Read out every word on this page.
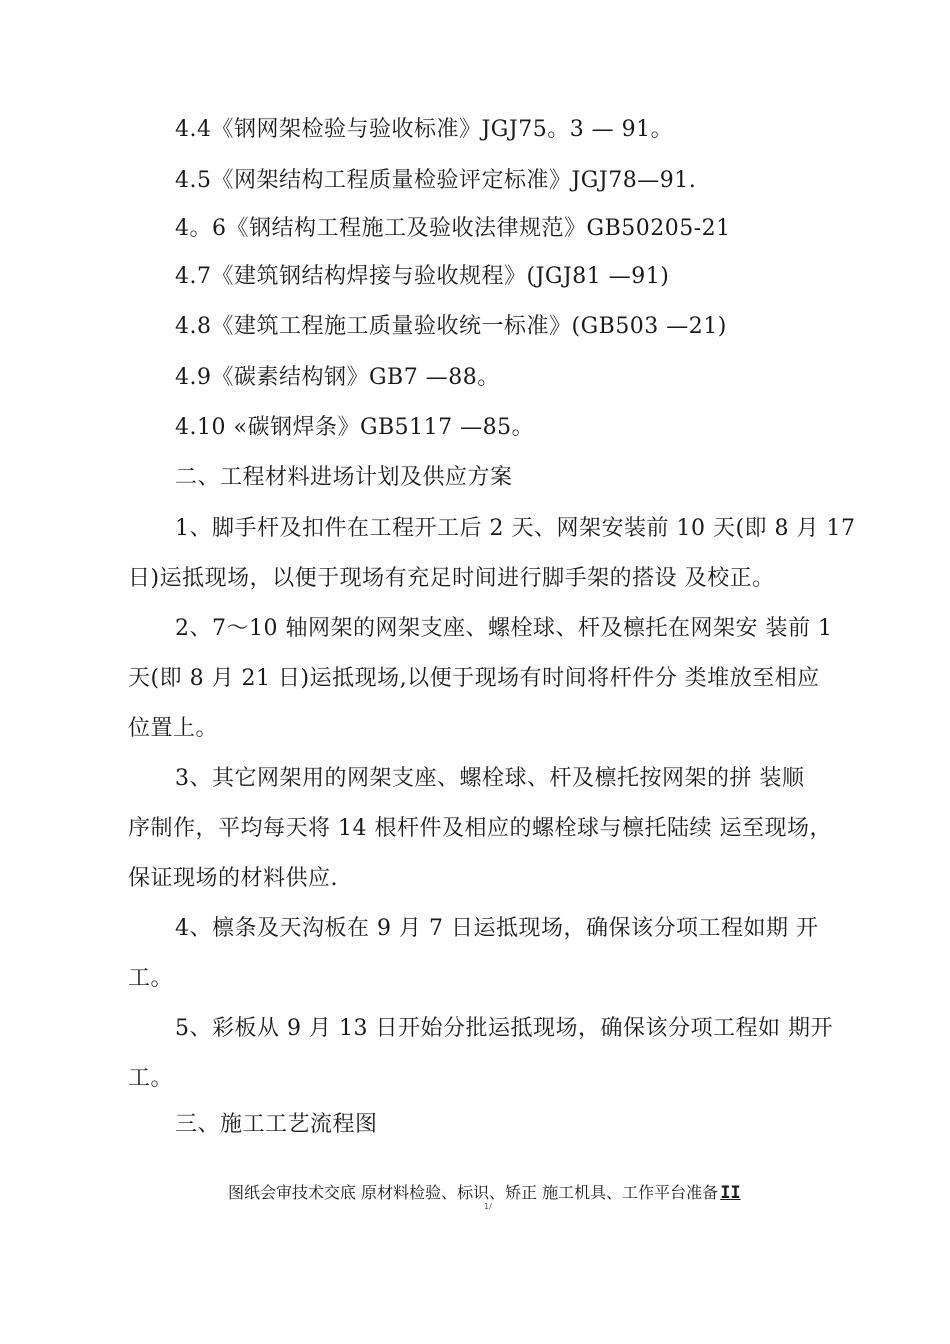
4.4《钢网架检验与验收标准》JGJ75。3 — 91。
4.5《网架结构工程质量检验评定标准》JGJ78—91.
4。6《钢结构工程施工及验收法律规范》GB50205-21
4.7《建筑钢结构焊接与验收规程》(JGJ81 —91)
4.8《建筑工程施工质量验收统一标准》(GB503 —21)
4.9《碳素结构钢》GB7 —88。
4.10 «碳钢焊条》GB5117 —85。
二、工程材料进场计划及供应方案
1、脚手杆及扣件在工程开工后 2 天、网架安装前 10 天(即 8 月 17
日)运抵现场，以便于现场有充足时间进行脚手架的搭设 及校正。
2、7〜10 轴网架的网架支座、螺栓球、杆及檩托在网架安 装前 1
天(即 8 月 21 日)运抵现场,以便于现场有时间将杆件分 类堆放至相应
位置上。
3、其它网架用的网架支座、螺栓球、杆及檩托按网架的拼 装顺
序制作，平均每天将 14 根杆件及相应的螺栓球与檩托陆续 运至现场，
保证现场的材料供应.
4、檩条及天沟板在 9 月 7 日运抵现场，确保该分项工程如期 开
工。
5、彩板从 9 月 13 日开始分批运抵现场，确保该分项工程如 期开
工。
三、施工工艺流程图
图纸会审技术交底 原材料检验、标识、矫正 施工机具、工作平台准备 II
1/
